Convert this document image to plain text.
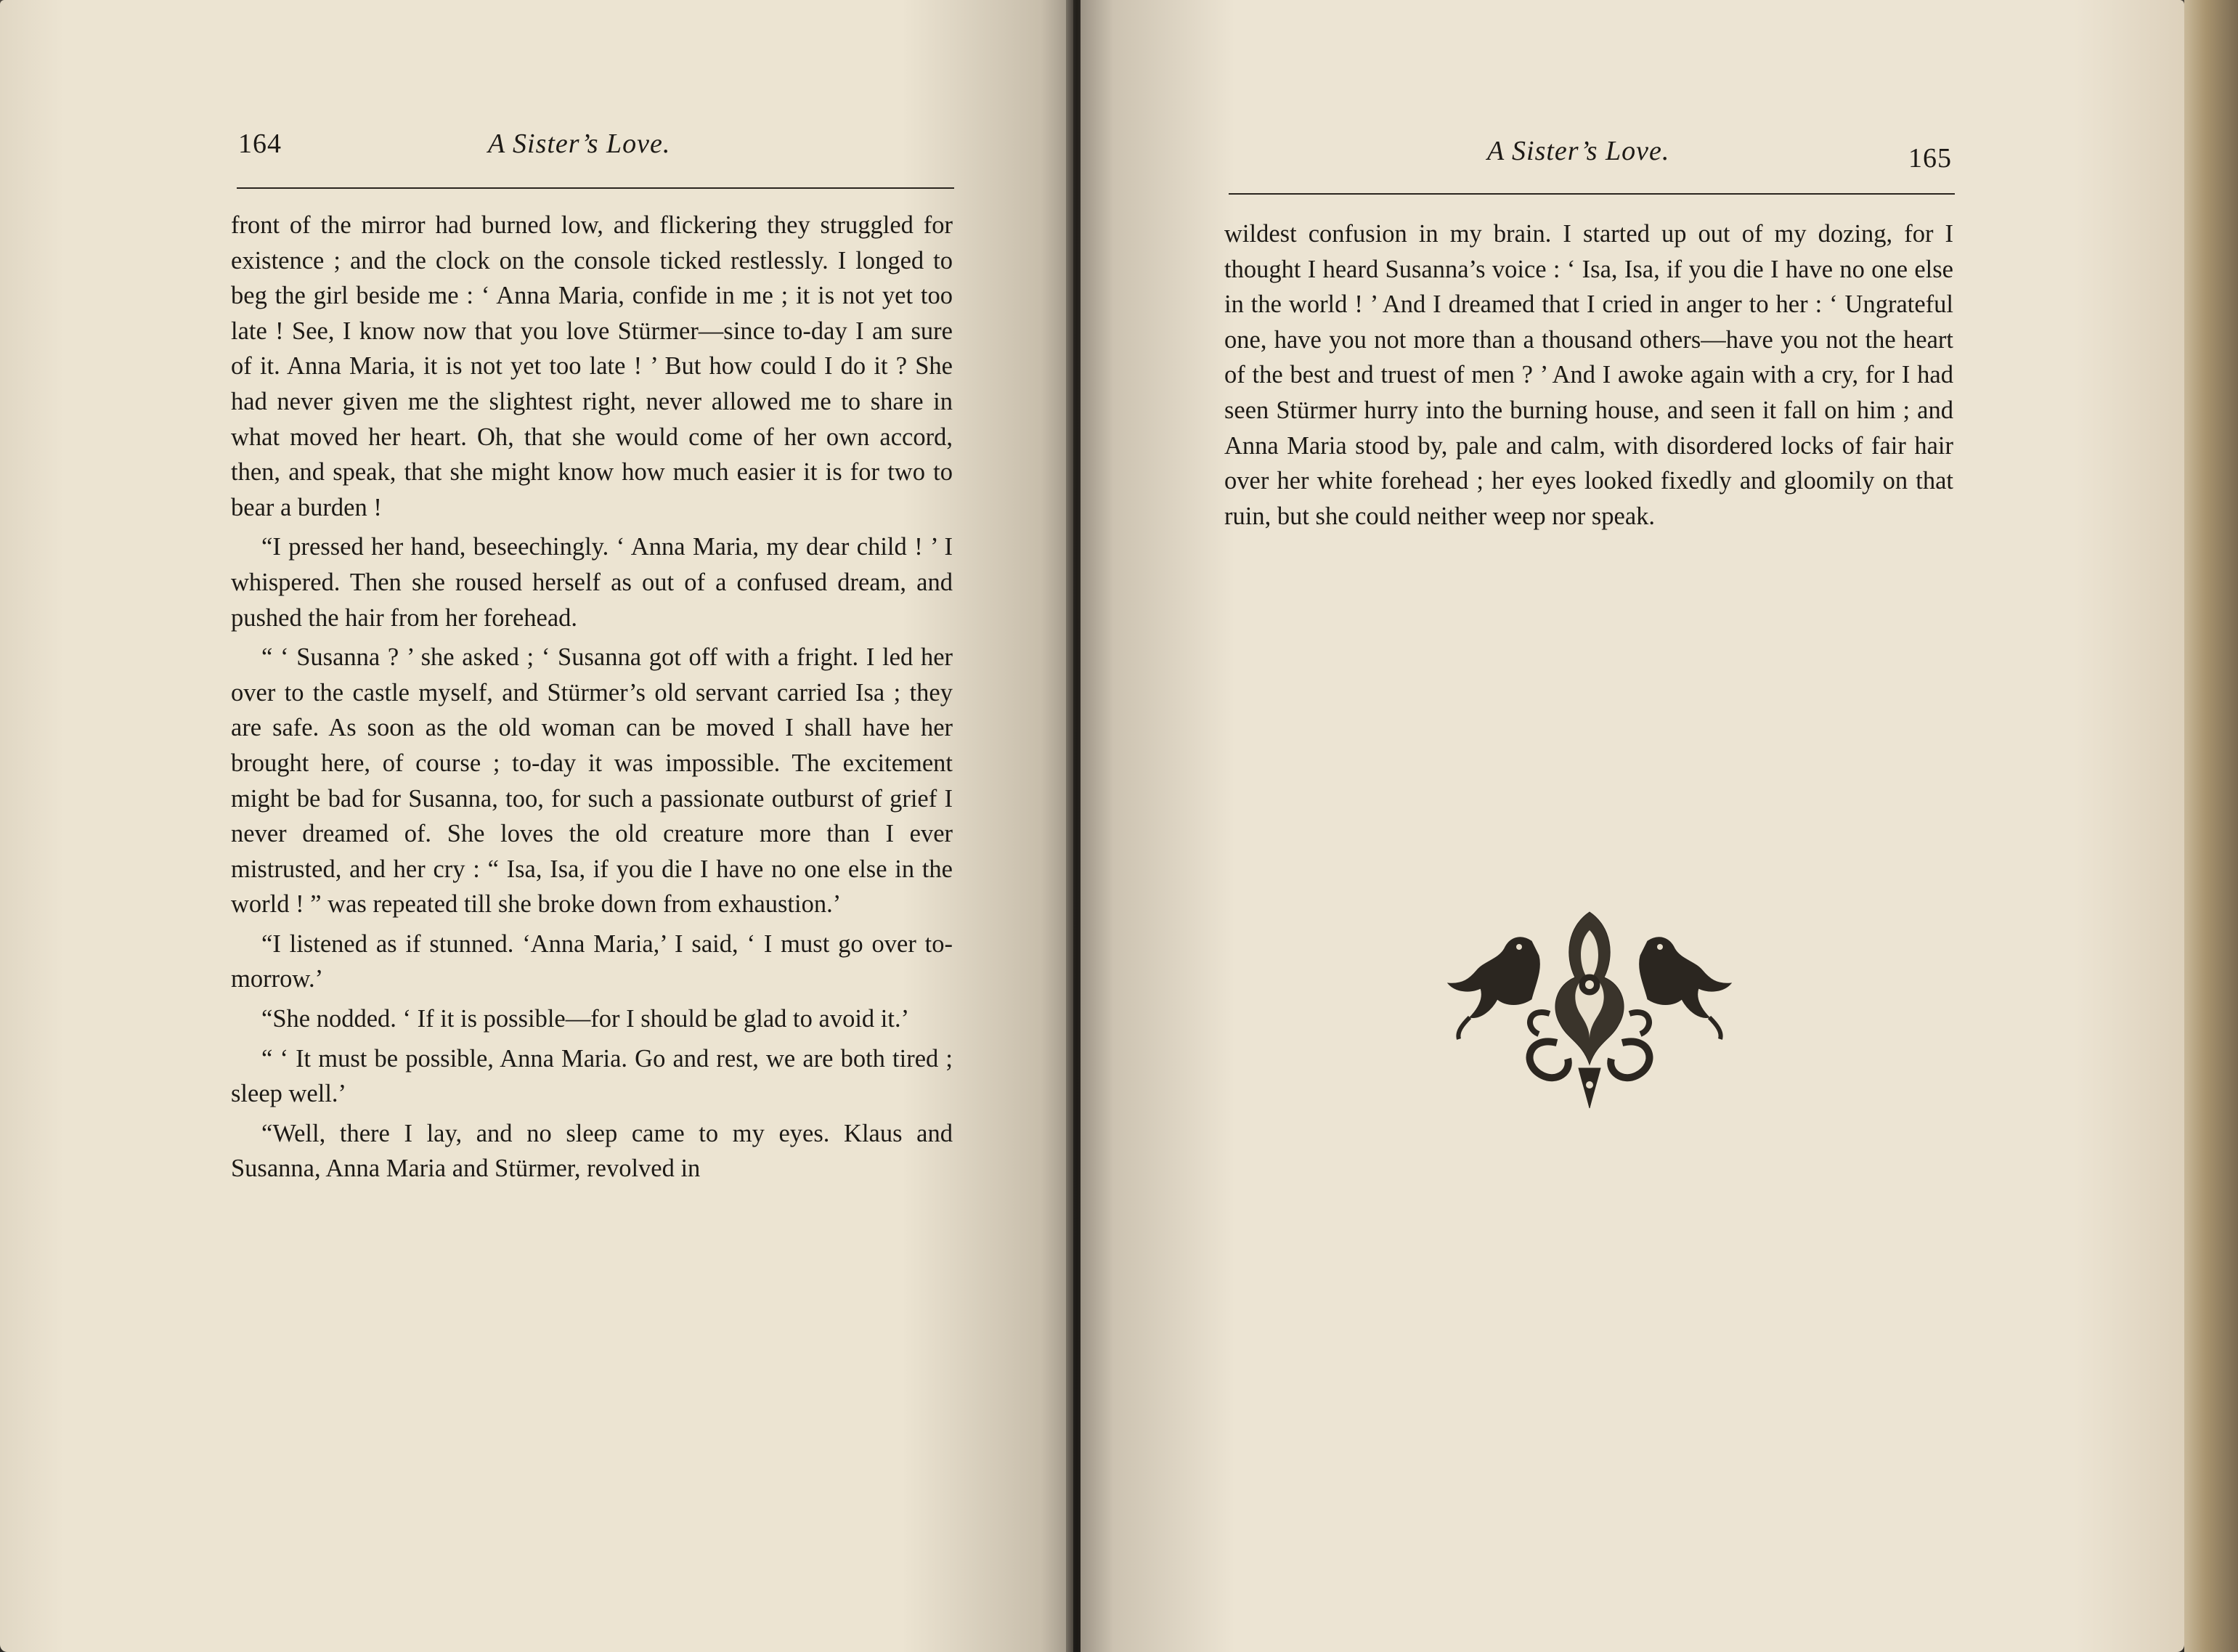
164	A Sister’s Love.

front of the mirror had burned low, and flickering they struggled for existence ; and the clock on the console ticked restlessly. I longed to beg the girl beside me : ‘ Anna Maria, confide in me ; it is not yet too late ! See, I know now that you love Stürmer—since to-day I am sure of it. Anna Maria, it is not yet too late ! ’ But how could I do it ? She had never given me the slightest right, never allowed me to share in what moved her heart. Oh, that she would come of her own accord, then, and speak, that she might know how much easier it is for two to bear a burden !

“I pressed her hand, beseechingly. ‘ Anna Maria, my dear child ! ’ I whispered. Then she roused herself as out of a confused dream, and pushed the hair from her forehead.

“ ‘ Susanna ? ’ she asked ; ‘ Susanna got off with a fright. I led her over to the castle myself, and Stürmer’s old servant carried Isa ; they are safe. As soon as the old woman can be moved I shall have her brought here, of course ; to-day it was impossible. The excitement might be bad for Susanna, too, for such a passionate outburst of grief I never dreamed of. She loves the old creature more than I ever mistrusted, and her cry : “ Isa, Isa, if you die I have no one else in the world ! ” was repeated till she broke down from exhaustion.’

“I listened as if stunned. ‘Anna Maria,’ I said, ‘ I must go over to-morrow.’

“She nodded. ‘ If it is possible—for I should be glad to avoid it.’

“ ‘ It must be possible, Anna Maria. Go and rest, we are both tired ; sleep well.’

“Well, there I lay, and no sleep came to my eyes. Klaus and Susanna, Anna Maria and Stürmer, revolved in

A Sister’s Love.	165

wildest confusion in my brain. I started up out of my dozing, for I thought I heard Susanna’s voice : ‘ Isa, Isa, if you die I have no one else in the world ! ’ And I dreamed that I cried in anger to her : ‘ Ungrateful one, have you not more than a thousand others—have you not the heart of the best and truest of men ? ’ And I awoke again with a cry, for I had seen Stürmer hurry into the burning house, and seen it fall on him ; and Anna Maria stood by, pale and calm, with disordered locks of fair hair over her white forehead ; her eyes looked fixedly and gloomily on that ruin, but she could neither weep nor speak.
